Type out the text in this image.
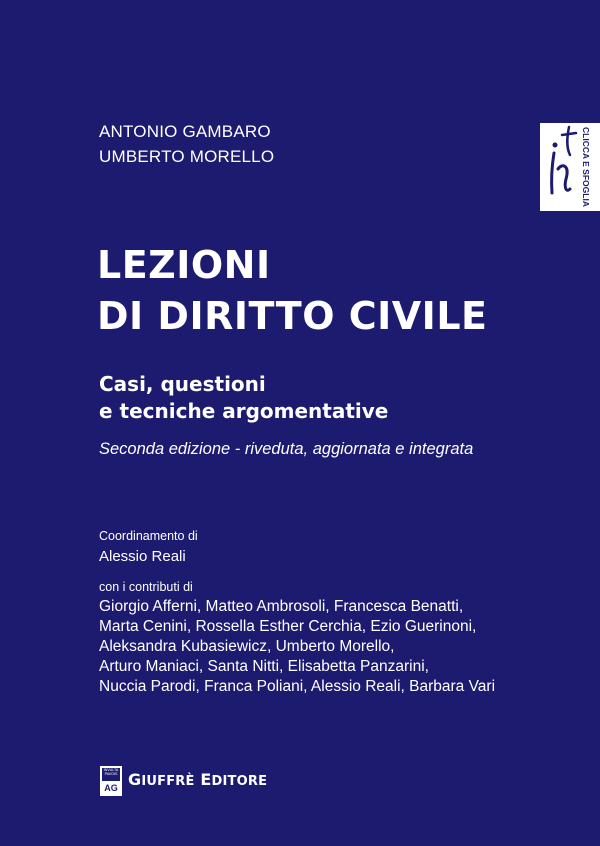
ANTONIO GAMBARO
UMBERTO MORELLO	CLICCA E SFOGLIA
LEZIONI
DI DIRITTO CIVILE
Casi, questioni
e tecniche argomentative
Seconda edizione - riveduta, aggiornata e integrata
Coordinamento di
Alessio Reali
con i contributi di
Giorgio Afferni, Matteo Ambrosoli, Francesca Benatti,
Marta Cenini, Rossella Esther Cerchia, Ezio Guerinoni,
Aleksandra Kubasiewicz, Umberto Morello,
Arturo Maniaci, Santa Nitti, Elisabetta Panzarini,
Nuccia Parodi, Franca Poliani, Alessio Reali, Barbara Vari
INVULTA PAVOIS
AG GIUFFRÈ EDITORE
